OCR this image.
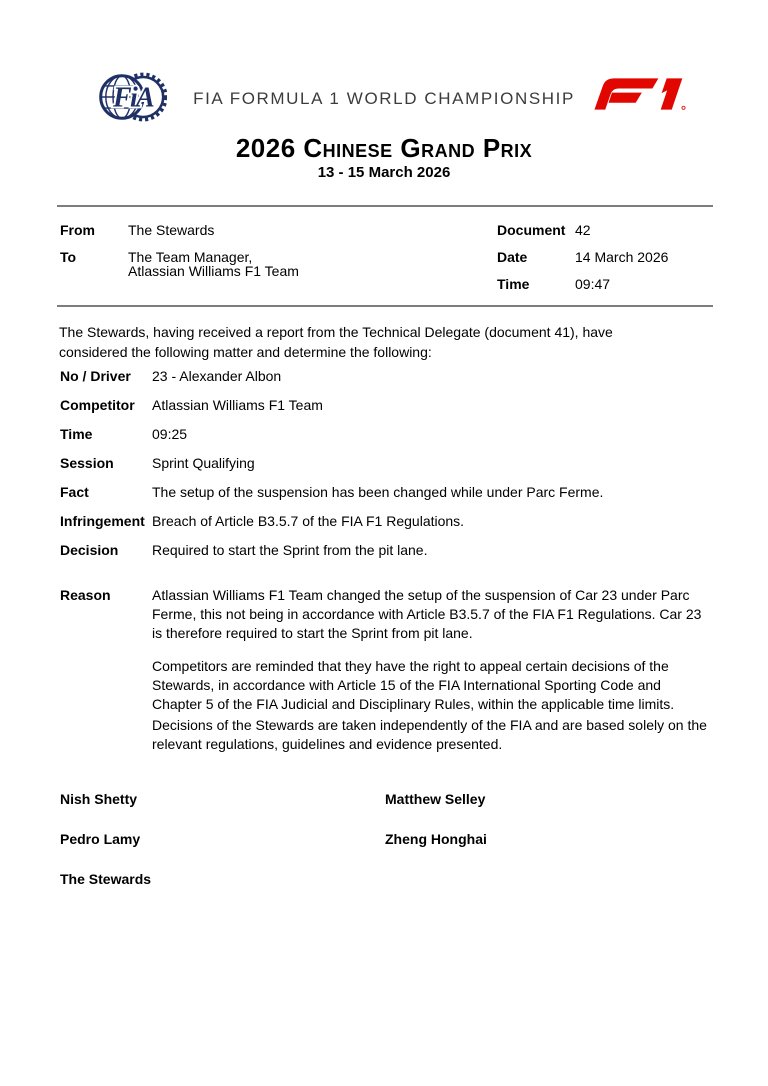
FiA	FIA FORMULA 1 WORLD CHAMPIONSHIP
2026 Chinese Grand Prix
13 - 15 March 2026
From	The Stewards
To	The Team Manager,
Atlassian Williams F1 Team
Document 42
Date	14 March 2026
Time	09:47

The Stewards, having received a report from the Technical Delegate (document 41), have considered the following matter and determine the following:

No / Driver	23 - Alexander Albon
Competitor	Atlassian Williams F1 Team
Time	09:25
Session	Sprint Qualifying
Fact	The setup of the suspension has been changed while under Parc Ferme.
Infringement Breach of Article B3.5.7 of the FIA F1 Regulations.
Decision	Required to start the Sprint from the pit lane.
Reason	Atlassian Williams F1 Team changed the setup of the suspension of Car 23 under Parc Ferme, this not being in accordance with Article B3.5.7 of the FIA F1 Regulations. Car 23 is therefore required to start the Sprint from pit lane.

Competitors are reminded that they have the right to appeal certain decisions of the Stewards, in accordance with Article 15 of the FIA International Sporting Code and Chapter 5 of the FIA Judicial and Disciplinary Rules, within the applicable time limits.

Decisions of the Stewards are taken independently of the FIA and are based solely on the relevant regulations, guidelines and evidence presented.

Nish Shetty	Matthew Selley
Pedro Lamy	Zheng Honghai
The Stewards
